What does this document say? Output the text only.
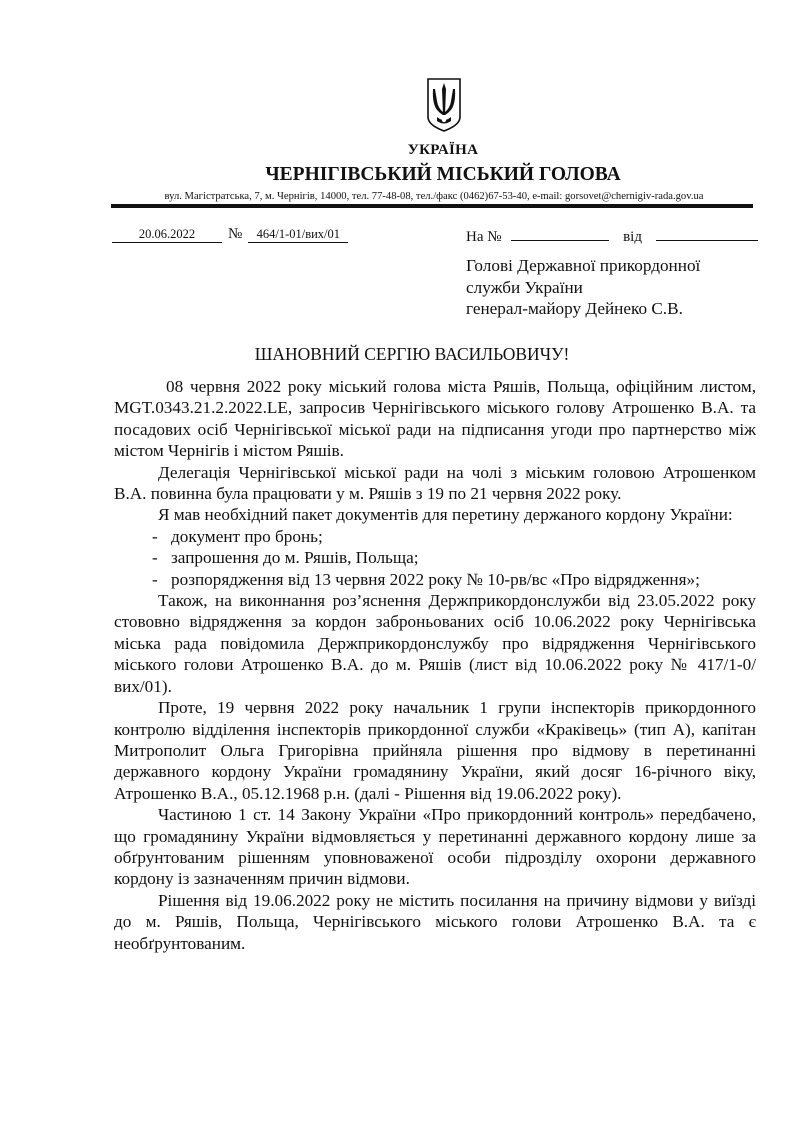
УКРАЇНА
ЧЕРНІГІВСЬКИЙ МІСЬКИЙ ГОЛОВА
вул. Магістратська, 7, м. Чернігів, 14000, тел. 77-48-08, тел./факс (0462)67-53-40, e-mail: gorsovet@chernigiv-rada.gov.ua
20.06.2022 № 464/1-01/вих/01	На №	від
Голові Державної прикордонної
служби України
генерал-майору Дейнеко С.В.
ШАНОВНИЙ СЕРГІЮ ВАСИЛЬОВИЧУ!

08 червня 2022 року міський голова міста Ряшів, Польща, офіційним листом, MGT.0343.21.2.2022.LE, запросив Чернігівського міського голову Атрошенко В.А. та посадових осіб Чернігівської міської ради на підписання угоди про партнерство між містом Чернігів і містом Ряшів.

Делегація Чернігівської міської ради на чолі з міським головою Атрошенком В.А. повинна була працювати у м. Ряшів з 19 по 21 червня 2022 року.

Я мав необхідний пакет документів для перетину держаного кордону України:

- документ про бронь;
- запрошення до м. Ряшів, Польща;
- розпорядження від 13 червня 2022 року № 10-рв/вс «Про відрядження»;

Також, на виконнання роз’яснення Держприкордонслужби від 23.05.2022 року стововно відрядження за кордон заброньованих осіб 10.06.2022 року Чернігівська міська рада повідомила Держприкордонслужбу про відрядження Чернігівського міського голови Атрошенко В.А. до м. Ряшів (лист від 10.06.2022 року № 417/1-0/вих/01).

Проте, 19 червня 2022 року начальник 1 групи інспекторів прикордонного контролю відділення інспекторів прикордонної служби «Краківець» (тип А), капітан Митрополит Ольга Григорівна прийняла рішення про відмову в перетинанні державного кордону України громадянину України, який досяг 16-річного віку, Атрошенко В.А., 05.12.1968 р.н. (далі - Рішення від 19.06.2022 року).

Частиною 1 ст. 14 Закону України «Про прикордонний контроль» передбачено, що громадянину України відмовляється у перетинанні державного кордону лише за обґрунтованим рішенням уповноваженої особи підрозділу охорони державного кордону із зазначенням причин відмови.

Рішення від 19.06.2022 року не містить посилання на причину відмови у виїзді до м. Ряшів, Польща, Чернігівського міського голови Атрошенко В.А. та є необґрунтованим.
